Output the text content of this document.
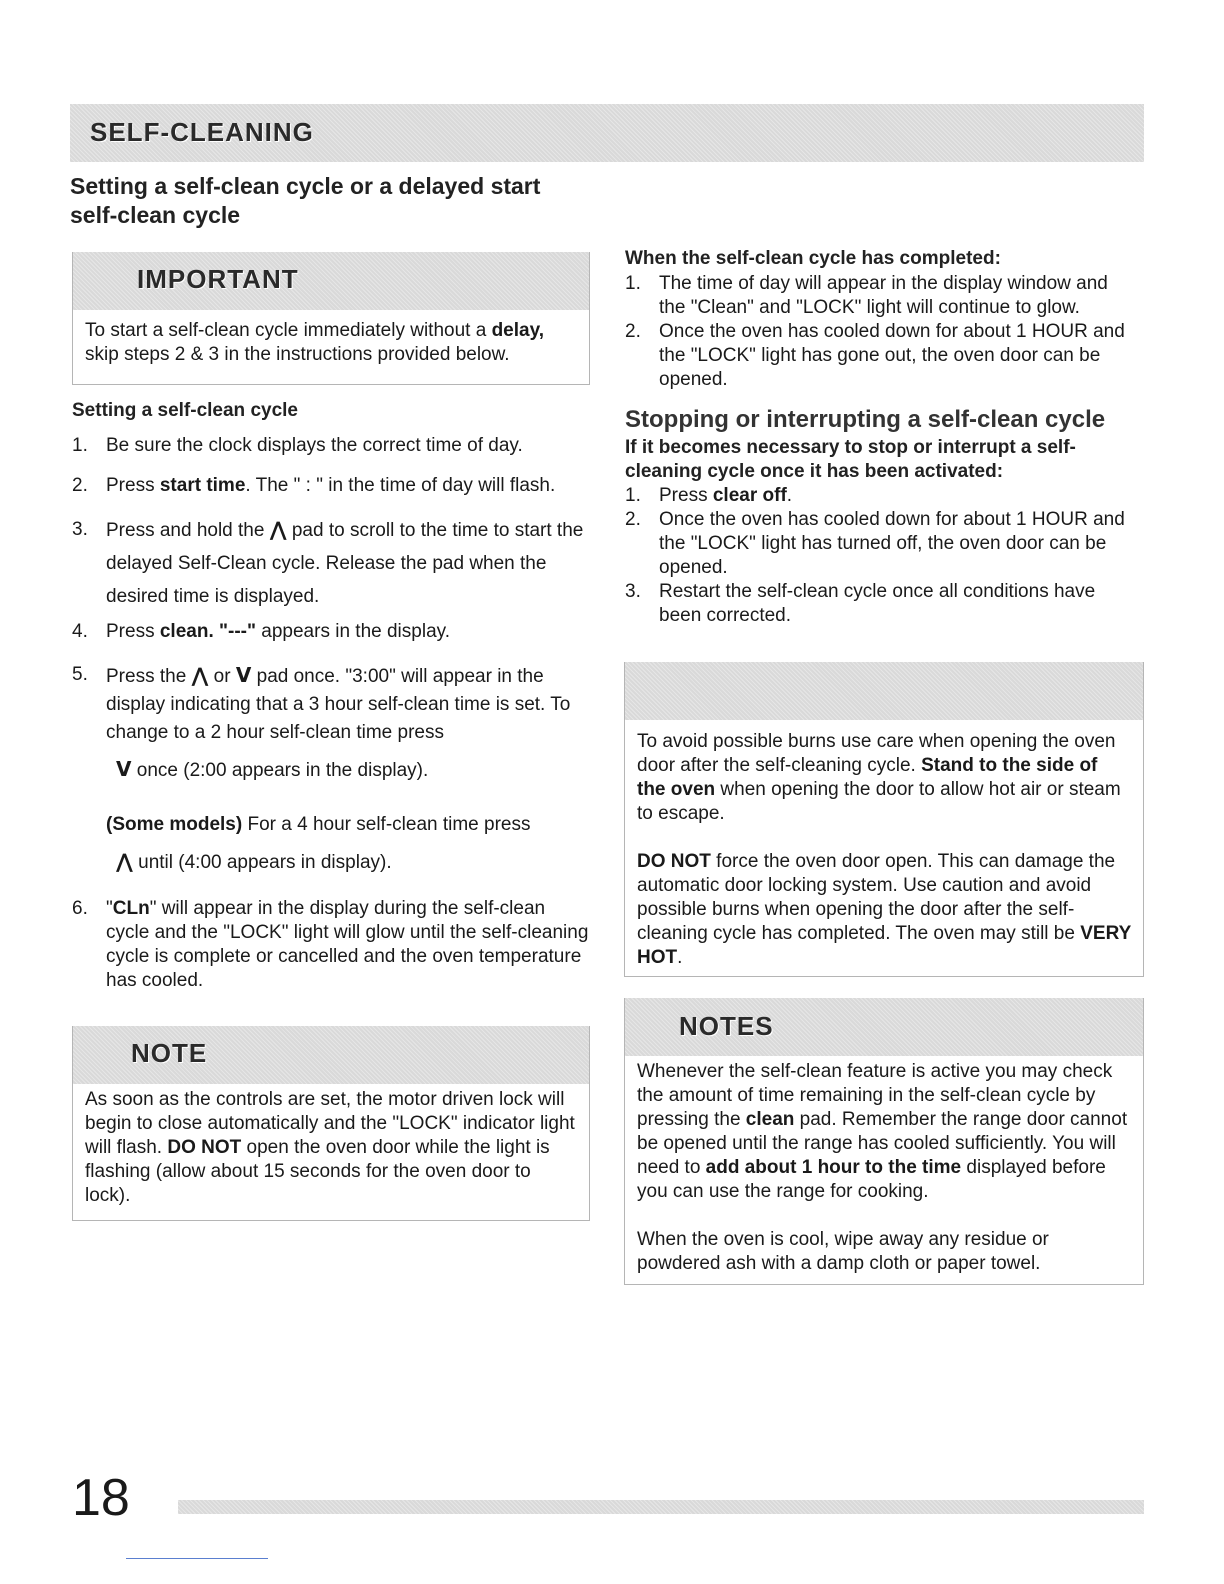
SELF-CLEANING
Setting a self-clean cycle or a delayed start self-clean cycle
IMPORTANT

To start a self-clean cycle immediately without a delay, skip steps 2 & 3 in the instructions provided below.

Setting a self-clean cycle
1. Be sure the clock displays the correct time of day.
2. Press start time. The " : " in the time of day will flash.
3. Press and hold the ⋀ pad to scroll to the time to start the delayed Self-Clean cycle. Release the pad when the desired time is displayed.
4. Press clean. "---" appears in the display.
5. Press the ⋀ or V pad once. "3:00" will appear in the display indicating that a 3 hour self-clean time is set. To change to a 2 hour self-clean time press
V once (2:00 appears in the display).
(Some models) For a 4 hour self-clean time press
⋀ until (4:00 appears in display).
6. "CLn" will appear in the display during the self-clean cycle and the "LOCK" light will glow until the self-cleaning cycle is complete or cancelled and the oven temperature has cooled.
NOTE

As soon as the controls are set, the motor driven lock will begin to close automatically and the "LOCK" indicator light will flash. DO NOT open the oven door while the light is flashing (allow about 15 seconds for the oven door to lock).

When the self-clean cycle has completed:
1. The time of day will appear in the display window and the "Clean" and "LOCK" light will continue to glow.
2. Once the oven has cooled down for about 1 HOUR and the "LOCK" light has gone out, the oven door can be opened.
Stopping or interrupting a self-clean cycle
If it becomes necessary to stop or interrupt a self-cleaning cycle once it has been activated:
1. Press clear off.
2. Once the oven has cooled down for about 1 HOUR and the "LOCK" light has turned off, the oven door can be opened.
3. Restart the self-clean cycle once all conditions have been corrected.

To avoid possible burns use care when opening the oven door after the self-cleaning cycle. Stand to the side of the oven when opening the door to allow hot air or steam to escape.

DO NOT force the oven door open. This can damage the automatic door locking system. Use caution and avoid possible burns when opening the door after the self-cleaning cycle has completed. The oven may still be VERY HOT.

NOTES

Whenever the self-clean feature is active you may check the amount of time remaining in the self-clean cycle by pressing the clean pad. Remember the range door cannot be opened until the range has cooled sufficiently. You will need to add about 1 hour to the time displayed before you can use the range for cooking.

When the oven is cool, wipe away any residue or powdered ash with a damp cloth or paper towel.

18
